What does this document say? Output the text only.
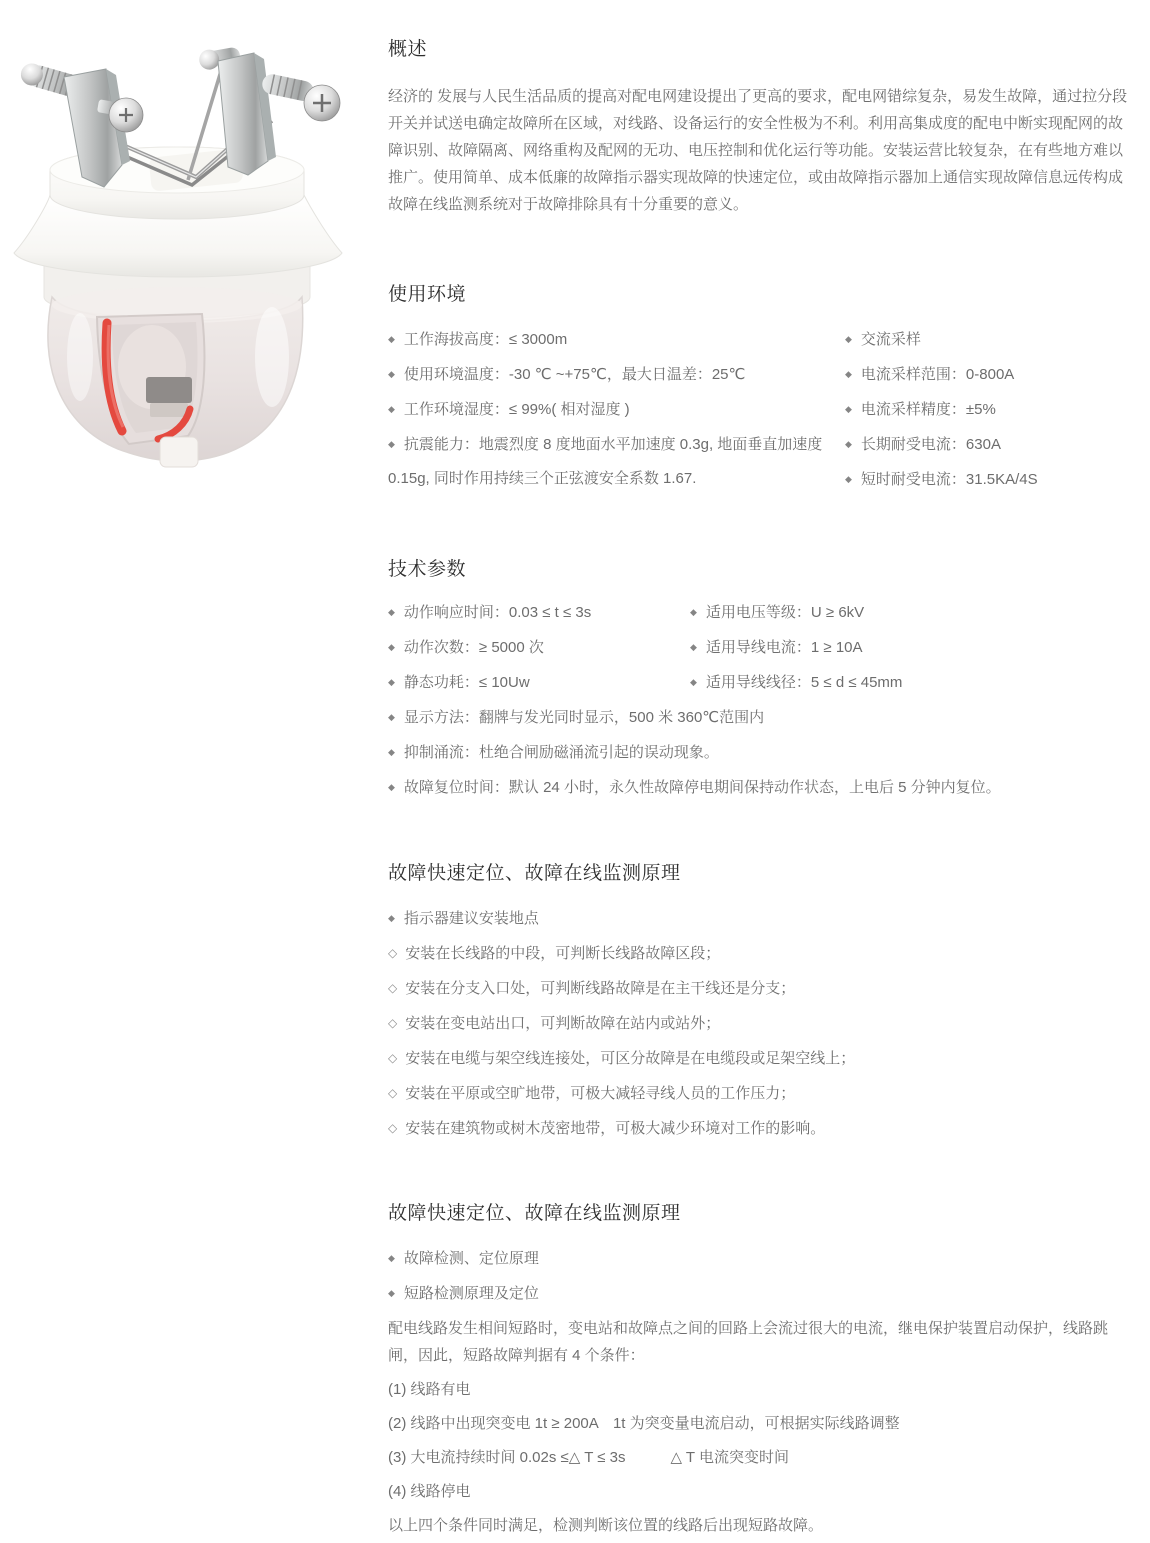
概述

经济的 发展与人民生活品质的提高对配电网建设提出了更高的要求，配电网错综复杂，易发生故障，通过拉分段开关并试送电确定故障所在区域，对线路、设备运行的安全性极为不利。利用高集成度的配电中断实现配网的故障识别、故障隔离、网络重构及配网的无功、电压控制和优化运行等功能。安装运营比较复杂，在有些地方难以推广。使用简单、成本低廉的故障指示器实现故障的快速定位，或由故障指示器加上通信实现故障信息远传构成故障在线监测系统对于故障排除具有十分重要的意义。

使用环境
◆ 工作海拔高度：≤ 3000m
◆ 使用环境温度：-30 ℃ ~+75℃，最大日温差：25℃
◆ 工作环境湿度：≤ 99%( 相对湿度 )
◆ 抗震能力：地震烈度 8 度地面水平加速度 0.3g, 地面垂直加速度 0.15g, 同时作用持续三个正弦渡安全系数 1.67.
◆ 交流采样
◆ 电流采样范围：0-800A
◆ 电流采样精度：±5%
◆ 长期耐受电流：630A
◆ 短时耐受电流：31.5KA/4S
技术参数
◆ 动作响应时间：0.03 ≤ t ≤ 3s
◆ 动作次数：≥ 5000 次
◆ 静态功耗：≤ 10Uw
◆ 适用电压等级：U ≥ 6kV
◆ 适用导线电流：1 ≥ 10A
◆ 适用导线线径：5 ≤ d ≤ 45mm
◆ 显示方法：翻牌与发光同时显示，500 米 360℃范围内
◆ 抑制涌流：杜绝合闸励磁涌流引起的误动现象。
◆ 故障复位时间：默认 24 小时，永久性故障停电期间保持动作状态，上电后 5 分钟内复位。
故障快速定位、故障在线监测原理
◆ 指示器建议安装地点
◇ 安装在长线路的中段，可判断长线路故障区段；
◇ 安装在分支入口处，可判断线路故障是在主干线还是分支；
◇ 安装在变电站出口，可判断故障在站内或站外；
◇ 安装在电缆与架空线连接处，可区分故障是在电缆段或足架空线上；
◇ 安装在平原或空旷地带，可极大减轻寻线人员的工作压力；
◇ 安装在建筑物或树木茂密地带，可极大减少环境对工作的影响。
故障快速定位、故障在线监测原理
◆ 故障检测、定位原理
◆ 短路检测原理及定位

配电线路发生相间短路时，变电站和故障点之间的回路上会流过很大的电流，继电保护装置启动保护，线路跳闸，因此，短路故障判据有 4 个条件：

(1) 线路有电
(2) 线路中出现突变电 1t ≥ 200A　1t 为突变量电流启动，可根据实际线路调整
(3) 大电流持续时间 0.02s ≤△ T ≤ 3s　　　△ T 电流突变时间
(4) 线路停电
以上四个条件同时满足，检测判断该位置的线路后出现短路故障。
